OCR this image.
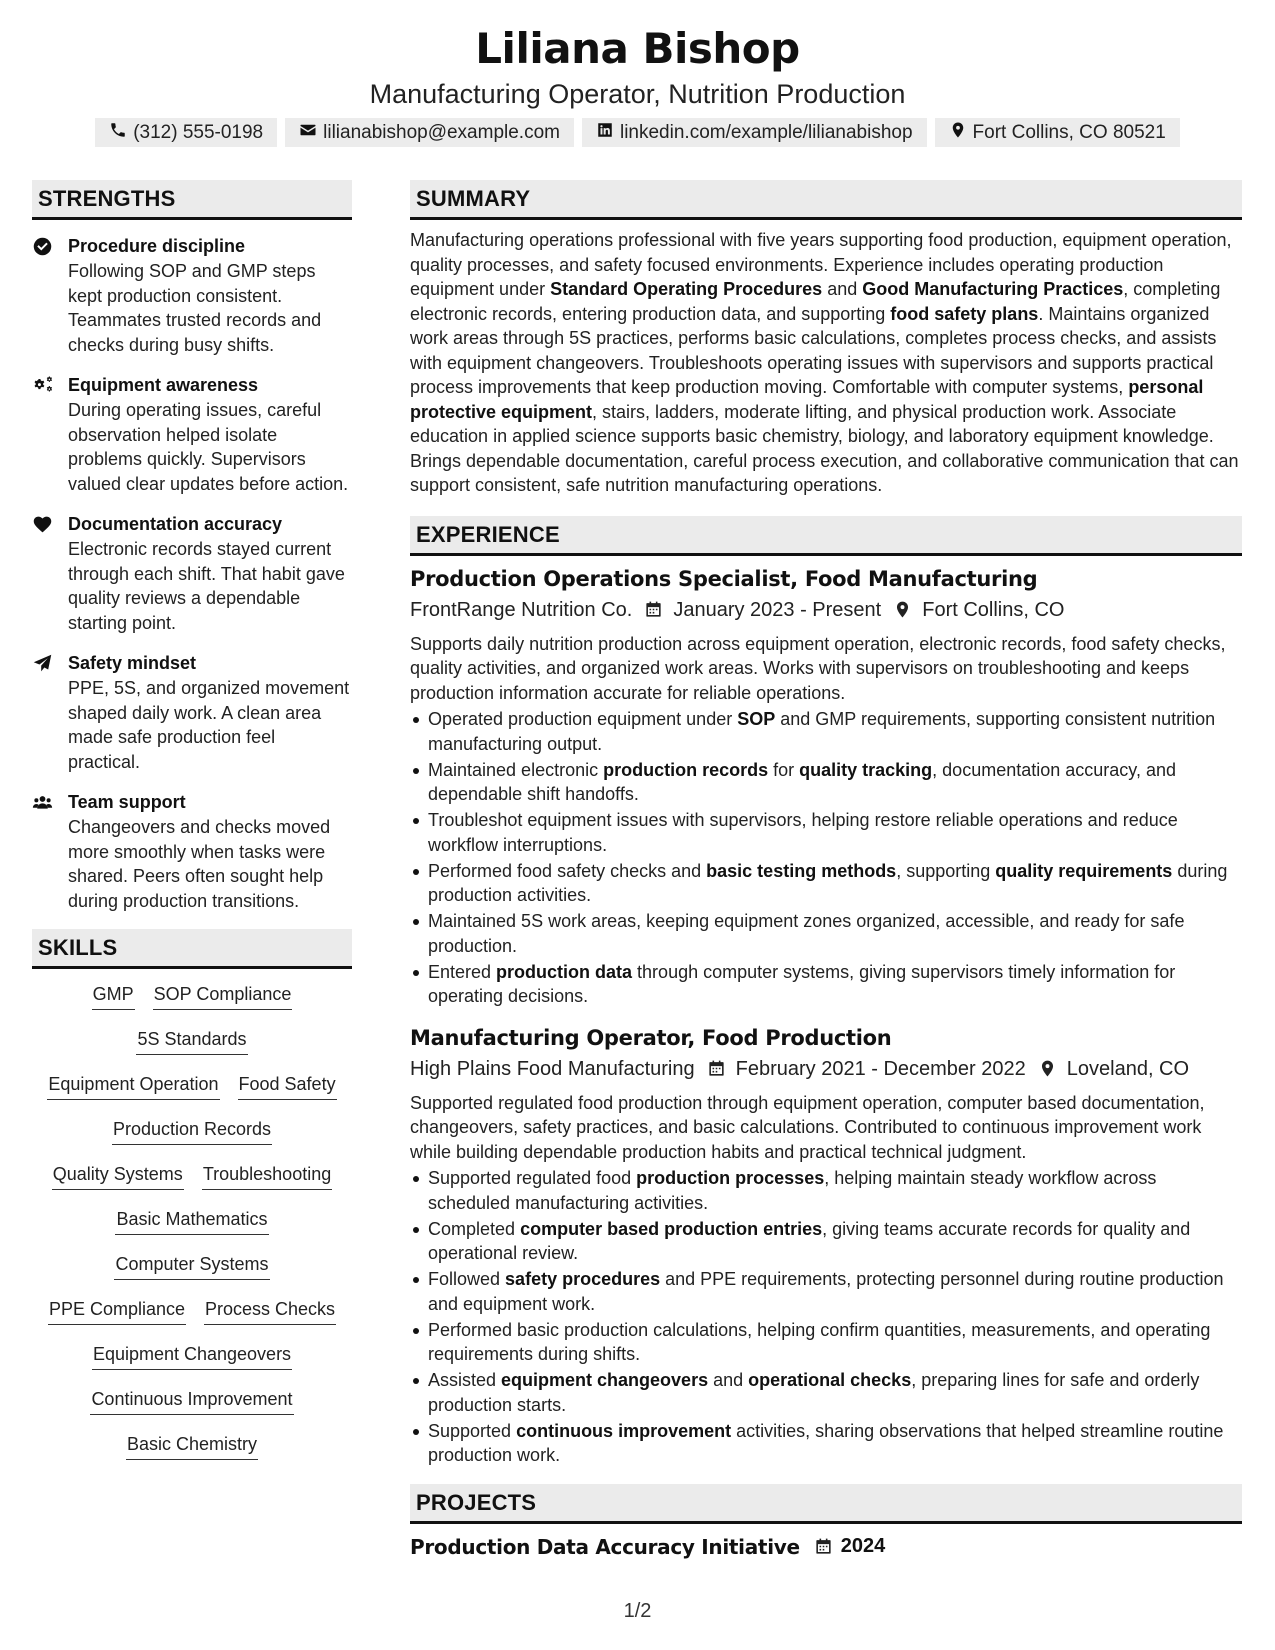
Liliana Bishop
Manufacturing Operator, Nutrition Production
(312) 555-0198	lilianabishop@example.com	linkedin.com/example/lilianabishop	Fort Collins, CO 80521
STRENGTHS
Procedure discipline
Following SOP and GMP steps kept production consistent. Teammates trusted records and checks during busy shifts.
Equipment awareness
During operating issues, careful observation helped isolate problems quickly. Supervisors valued clear updates before action.
Documentation accuracy
Electronic records stayed current through each shift. That habit gave quality reviews a dependable starting point.
Safety mindset
PPE, 5S, and organized movement shaped daily work. A clean area made safe production feel practical.
Team support
Changeovers and checks moved more smoothly when tasks were shared. Peers often sought help during production transitions.
SKILLS
GMP SOP Compliance
5S Standards
Equipment Operation Food Safety
Production Records
Quality Systems Troubleshooting
Basic Mathematics
Computer Systems
PPE Compliance Process Checks
Equipment Changeovers
Continuous Improvement
Basic Chemistry
SUMMARY
Manufacturing operations professional with five years supporting food production, equipment operation, quality processes, and safety focused environments. Experience includes operating production equipment under Standard Operating Procedures and Good Manufacturing Practices, completing electronic records, entering production data, and supporting food safety plans. Maintains organized work areas through 5S practices, performs basic calculations, completes process checks, and assists with equipment changeovers. Troubleshoots operating issues with supervisors and supports practical process improvements that keep production moving. Comfortable with computer systems, personal protective equipment, stairs, ladders, moderate lifting, and physical production work. Associate education in applied science supports basic chemistry, biology, and laboratory equipment knowledge. Brings dependable documentation, careful process execution, and collaborative communication that can support consistent, safe nutrition manufacturing operations.
EXPERIENCE
Production Operations Specialist, Food Manufacturing
FrontRange Nutrition Co. January 2023 - Present Fort Collins, CO
Supports daily nutrition production across equipment operation, electronic records, food safety checks, quality activities, and organized work areas. Works with supervisors on troubleshooting and keeps production information accurate for reliable operations.
Operated production equipment under SOP and GMP requirements, supporting consistent nutrition manufacturing output.
Maintained electronic production records for quality tracking, documentation accuracy, and dependable shift handoffs.
Troubleshot equipment issues with supervisors, helping restore reliable operations and reduce workflow interruptions.
Performed food safety checks and basic testing methods, supporting quality requirements during production activities.
Maintained 5S work areas, keeping equipment zones organized, accessible, and ready for safe production.
Entered production data through computer systems, giving supervisors timely information for operating decisions.
Manufacturing Operator, Food Production
High Plains Food Manufacturing February 2021 - December 2022 Loveland, CO
Supported regulated food production through equipment operation, computer based documentation, changeovers, safety practices, and basic calculations. Contributed to continuous improvement work while building dependable production habits and practical technical judgment.
Supported regulated food production processes, helping maintain steady workflow across scheduled manufacturing activities.
Completed computer based production entries, giving teams accurate records for quality and operational review.
Followed safety procedures and PPE requirements, protecting personnel during routine production and equipment work.
Performed basic production calculations, helping confirm quantities, measurements, and operating requirements during shifts.
Assisted equipment changeovers and operational checks, preparing lines for safe and orderly production starts.
Supported continuous improvement activities, sharing observations that helped streamline routine production work.
PROJECTS
Production Data Accuracy Initiative 2024
1/2
